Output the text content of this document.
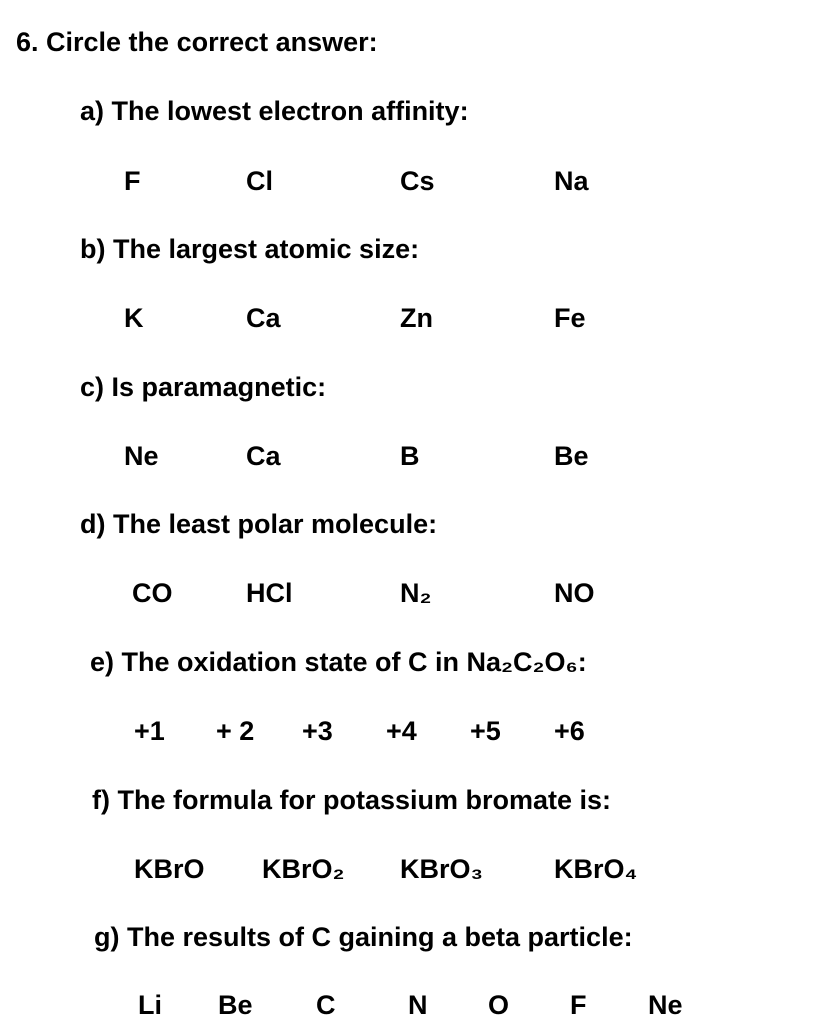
6. Circle the correct answer:
a) The lowest electron affinity:
F	Cl	Cs	Na
b) The largest atomic size:
K	Ca	Zn	Fe
c) Is paramagnetic:
Ne	Ca	B	Be
d) The least polar molecule:
CO	HCl	N₂	NO
e) The oxidation state of C in Na₂C₂O₆:
+1 + 2 +3 +4 +5 +6
f) The formula for potassium bromate is:
KBrO KBrO₂ KBrO₃	KBrO₄
g) The results of C gaining a beta particle:
Li Be C	N O F Ne
